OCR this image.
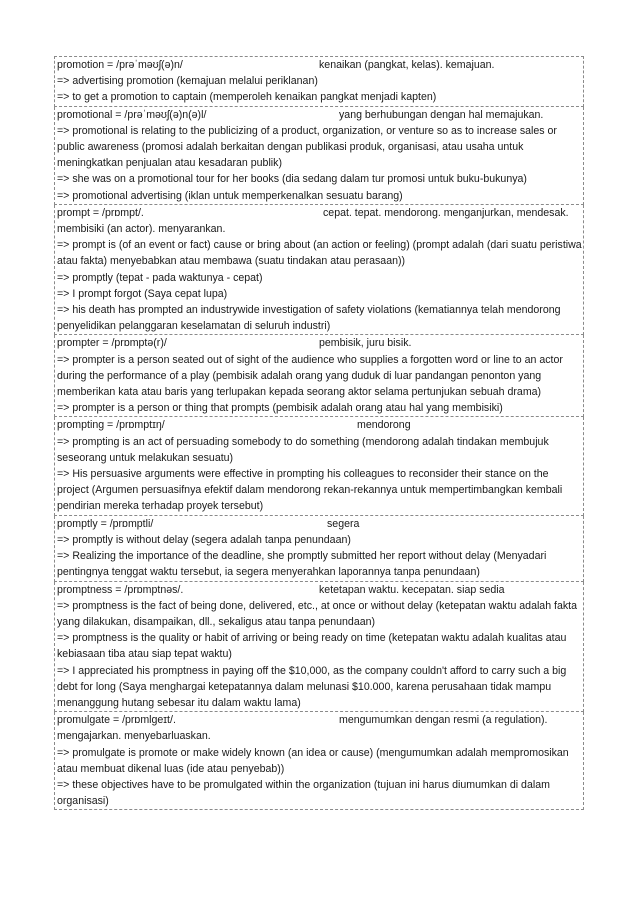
promotion = /prəˈməʊʃ(ə)n/	kenaikan (pangkat, kelas). kemajuan.
=> advertising promotion (kemajuan melalui periklanan)
=> to get a promotion to captain (memperoleh kenaikan pangkat menjadi kapten)
promotional = /prəˈməʊʃ(ə)n(ə)l/	yang berhubungan dengan hal memajukan.
=> promotional is relating to the publicizing of a product, organization, or venture so as to increase sales or public awareness (promosi adalah berkaitan dengan publikasi produk, organisasi, atau usaha untuk meningkatkan penjualan atau kesadaran publik)
=> she was on a promotional tour for her books (dia sedang dalam tur promosi untuk buku-bukunya)
=> promotional advertising (iklan untuk memperkenalkan sesuatu barang)
prompt = /prɒmpt/.	cepat. tepat. mendorong. menganjurkan, mendesak.
membisiki (an actor). menyarankan.
=> prompt is (of an event or fact) cause or bring about (an action or feeling) (prompt adalah (dari suatu peristiwa atau fakta) menyebabkan atau membawa (suatu tindakan atau perasaan))
=> promptly (tepat - pada waktunya - cepat)
=> I prompt forgot (Saya cepat lupa)
=> his death has prompted an industrywide investigation of safety violations (kematiannya telah mendorong penyelidikan pelanggaran keselamatan di seluruh industri)
prompter = /prɒmptə(r)/	pembisik, juru bisik.
=> prompter is a person seated out of sight of the audience who supplies a forgotten word or line to an actor during the performance of a play (pembisik adalah orang yang duduk di luar pandangan penonton yang memberikan kata atau baris yang terlupakan kepada seorang aktor selama pertunjukan sebuah drama)
=> prompter is a person or thing that prompts (pembisik adalah orang atau hal yang membisiki)
prompting = /prɒmptɪŋ/	mendorong
=> prompting is an act of persuading somebody to do something (mendorong adalah tindakan membujuk seseorang untuk melakukan sesuatu)
=> His persuasive arguments were effective in prompting his colleagues to reconsider their stance on the project (Argumen persuasifnya efektif dalam mendorong rekan-rekannya untuk mempertimbangkan kembali pendirian mereka terhadap proyek tersebut)
promptly = /prɒmptli/	segera
=> promptly is without delay (segera adalah tanpa penundaan)
=> Realizing the importance of the deadline, she promptly submitted her report without delay (Menyadari pentingnya tenggat waktu tersebut, ia segera menyerahkan laporannya tanpa penundaan)
promptness = /prɒmptnəs/.	ketetapan waktu. kecepatan. siap sedia
=> promptness is the fact of being done, delivered, etc., at once or without delay (ketepatan waktu adalah fakta yang dilakukan, disampaikan, dll., sekaligus atau tanpa penundaan)
=> promptness is the quality or habit of arriving or being ready on time (ketepatan waktu adalah kualitas atau kebiasaan tiba atau siap tepat waktu)
=> I appreciated his promptness in paying off the $10,000, as the company couldn't afford to carry such a big debt for long (Saya menghargai ketepatannya dalam melunasi $10.000, karena perusahaan tidak mampu menanggung hutang sebesar itu dalam waktu lama)
promulgate = /prɒmlgeɪt/.	mengumumkan dengan resmi (a regulation).
mengajarkan. menyebarluaskan.
=> promulgate is promote or make widely known (an idea or cause) (mengumumkan adalah mempromosikan atau membuat dikenal luas (ide atau penyebab))
=> these objectives have to be promulgated within the organization (tujuan ini harus diumumkan di dalam organisasi)
